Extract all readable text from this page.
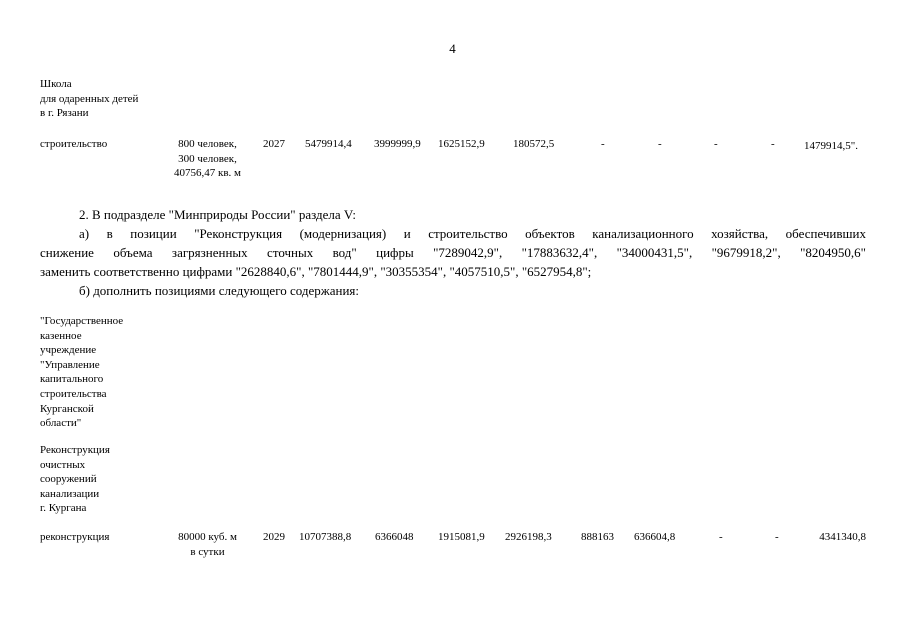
4
Школа
для одаренных детей
в г. Рязани
строительство	800 человек,
300 человек,
40756,47 кв. м
2027 5479914,4 3999999,9 1625152,9	180572,5	-	-	-	-	1479914,5".
2. В подразделе "Минприроды России" раздела V:
а) в позиции "Реконструкция (модернизация) и строительство объектов канализационного хозяйства, обеспечивших
снижение объема загрязненных сточных вод" цифры "7289042,9", "17883632,4", "34000431,5", "9679918,2", "8204950,6"
заменить соответственно цифрами "2628840,6", "7801444,9", "30355354", "4057510,5", "6527954,8";
б) дополнить позициями следующего содержания:
"Государственное
казенное
учреждение
"Управление
капитального
строительства
Курганской
области"
Реконструкция
очистных
сооружений
канализации
г. Кургана
реконструкция	80000 куб. м
в сутки
2029 10707388,8 6366048 1915081,9 2926198,3	888163 636604,8	-	-	4341340,8
